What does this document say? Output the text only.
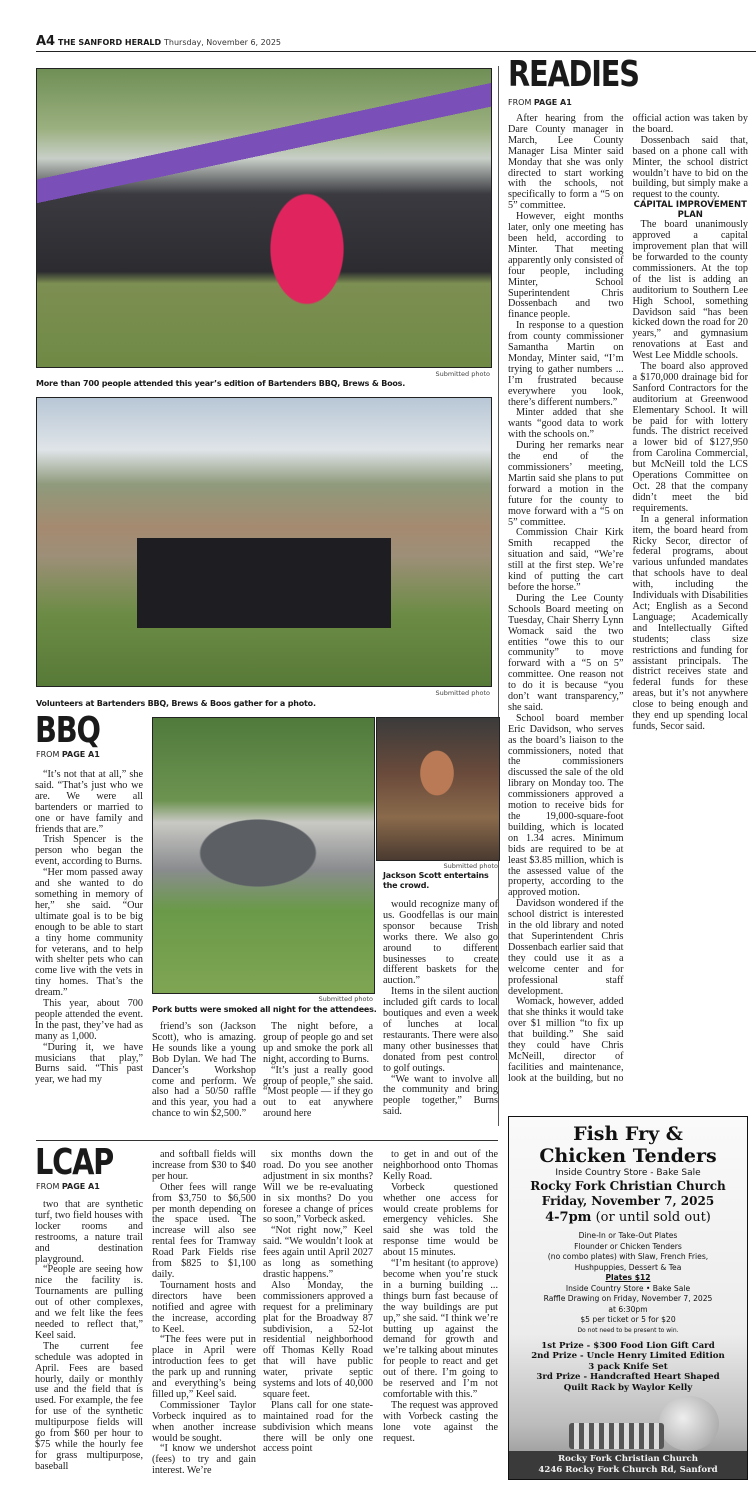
A4 THE SANFORD HERALD Thursday, November 6, 2025
Submitted photo
More than 700 people attended this year’s edition of Bartenders BBQ, Brews & Boos.
Submitted photo
Volunteers at Bartenders BBQ, Brews & Boos gather for a photo.
BBQ
FROM PAGE A1

“It’s not that at all,” she said. “That’s just who we are. We were all bartenders or married to one or have family and friends that are.”

Trish Spencer is the person who began the event, according to Burns.

“Her mom passed away and she wanted to do something in memory of her,” she said. “Our ultimate goal is to be big enough to be able to start a tiny home community for veterans, and to help with shelter pets who can come live with the vets in tiny homes. That’s the dream.”

This year, about 700 people attended the event. In the past, they’ve had as many as 1,000.

“During it, we have musicians that play,” Burns said. “This past year, we had my

Submitted photo
Pork butts were smoked all night for the attendees.
Submitted photo
Jackson Scott entertains the crowd.

friend’s son (Jackson Scott), who is amazing. He sounds like a young Bob Dylan. We had The Dancer’s Workshop come and perform. We also had a 50/50 raffle and this year, you had a chance to win $2,500.”

The night before, a group of people go and set up and smoke the pork all night, according to Burns.

“It’s just a really good group of people,” she said. “Most people — if they go out to eat anywhere around here

would recognize many of us. Goodfellas is our main sponsor because Trish works there. We also go around to different businesses to create different baskets for the auction.”

Items in the silent auction included gift cards to local boutiques and even a week of lunches at local restaurants. There were also many other businesses that donated from pest control to golf outings.

“We want to involve all the community and bring people together,” Burns said.

LCAP
FROM PAGE A1

two that are synthetic turf, two field houses with locker rooms and restrooms, a nature trail and destination playground.

“People are seeing how nice the facility is. Tournaments are pulling out of other complexes, and we felt like the fees needed to reflect that,” Keel said.

The current fee schedule was adopted in April. Fees are based hourly, daily or monthly use and the field that is used. For example, the fee for use of the synthetic multipurpose fields will go from $60 per hour to $75 while the hourly fee for grass multipurpose, baseball

and softball fields will increase from $30 to $40 per hour.

Other fees will range from $3,750 to $6,500 per month depending on the space used. The increase will also see rental fees for Tramway Road Park Fields rise from $825 to $1,100 daily.

Tournament hosts and directors have been notified and agree with the increase, according to Keel.

“The fees were put in place in April were introduction fees to get the park up and running and everything’s being filled up,” Keel said.

Commissioner Taylor Vorbeck inquired as to when another increase would be sought.

“I know we undershot (fees) to try and gain interest. We’re

six months down the road. Do you see another adjustment in six months? Will we be re-evaluating in six months? Do you foresee a change of prices so soon,” Vorbeck asked.

“Not right now,” Keel said. “We wouldn’t look at fees again until April 2027 as long as something drastic happens.”

Also Monday, the commissioners approved a request for a preliminary plat for the Broadway 87 subdivision, a 52-lot residential neighborhood off Thomas Kelly Road that will have public water, private septic systems and lots of 40,000 square feet.

Plans call for one state-maintained road for the subdivision which means there will be only one access point

to get in and out of the neighborhood onto Thomas Kelly Road.

Vorbeck questioned whether one access for would create problems for emergency vehicles. She said she was told the response time would be about 15 minutes.

“I’m hesitant (to approve) become when you’re stuck in a burning building ... things burn fast because of the way buildings are put up,” she said. “I think we’re butting up against the demand for growth and we’re talking about minutes for people to react and get out of there. I’m going to be reserved and I’m not comfortable with this.”

The request was approved with Vorbeck casting the lone vote against the request.

READIES
FROM PAGE A1

After hearing from the Dare County manager in March, Lee County Manager Lisa Minter said Monday that she was only directed to start working with the schools, not specifically to form a “5 on 5” committee.

However, eight months later, only one meeting has been held, according to Minter. That meeting apparently only consisted of four people, including Minter, School Superintendent Chris Dossenbach and two finance people.

In response to a question from county commissioner Samantha Martin on Monday, Minter said, “I’m trying to gather numbers ... I’m frustrated because everywhere you look, there’s different numbers.”

Minter added that she wants “good data to work with the schools on.”

During her remarks near the end of the commissioners’ meeting, Martin said she plans to put forward a motion in the future for the county to move forward with a “5 on 5” committee.

Commission Chair Kirk Smith recapped the situation and said, “We’re still at the first step. We’re kind of putting the cart before the horse.”

During the Lee County Schools Board meeting on Tuesday, Chair Sherry Lynn Womack said the two entities “owe this to our community” to move forward with a “5 on 5” committee. One reason not to do it is because “you don’t want transparency,” she said.

School board member Eric Davidson, who serves as the board’s liaison to the commissioners, noted that the commissioners discussed the sale of the old library on Monday too. The commissioners approved a motion to receive bids for the 19,000-square-foot building, which is located on 1.34 acres. Minimum bids are required to be at least $3.85 million, which is the assessed value of the property, according to the approved motion.

Davidson wondered if the school district is interested in the old library and noted that Superintendent Chris Dossenbach earlier said that they could use it as a welcome center and for professional staff development.

Womack, however, added that she thinks it would take over $1 million “to fix up that building.” She said they could have Chris McNeill, director of facilities and maintenance, look at the building, but no official action was taken by the board.

Dossenbach said that, based on a phone call with Minter, the school district wouldn’t have to bid on the building, but simply make a request to the county.

CAPITAL IMPROVEMENT PLAN

The board unanimously approved a capital improvement plan that will be forwarded to the county commissioners. At the top of the list is adding an auditorium to Southern Lee High School, something Davidson said “has been kicked down the road for 20 years,” and gymnasium renovations at East and West Lee Middle schools.

The board also approved a $170,000 drainage bid for Sanford Contractors for the auditorium at Greenwood Elementary School. It will be paid for with lottery funds. The district received a lower bid of $127,950 from Carolina Commercial, but McNeill told the LCS Operations Committee on Oct. 28 that the company didn’t meet the bid requirements.

In a general information item, the board heard from Ricky Secor, director of federal programs, about various unfunded mandates that schools have to deal with, including the Individuals with Disabilities Act; English as a Second Language; Academically and Intellectually Gifted students; class size restrictions and funding for assistant principals. The district receives state and federal funds for these areas, but it’s not anywhere close to being enough and they end up spending local funds, Secor said.

Fish Fry &
Chicken Tenders
Inside Country Store - Bake Sale
Rocky Fork Christian Church
Friday, November 7, 2025
4-7pm (or until sold out)
Dine-In or Take-Out Plates
Flounder or Chicken Tenders
(no combo plates) with Slaw, French Fries,
Hushpuppies, Dessert & Tea
Plates $12
Inside Country Store • Bake Sale
Raffle Drawing on Friday, November 7, 2025
at 6:30pm
$5 per ticket or 5 for $20
Do not need to be present to win.
1st Prize - $300 Food Lion Gift Card
2nd Prize - Uncle Henry Limited Edition
3 pack Knife Set
3rd Prize - Handcrafted Heart Shaped
Quilt Rack by Waylor Kelly
Rocky Fork Christian Church
4246 Rocky Fork Church Rd, Sanford
